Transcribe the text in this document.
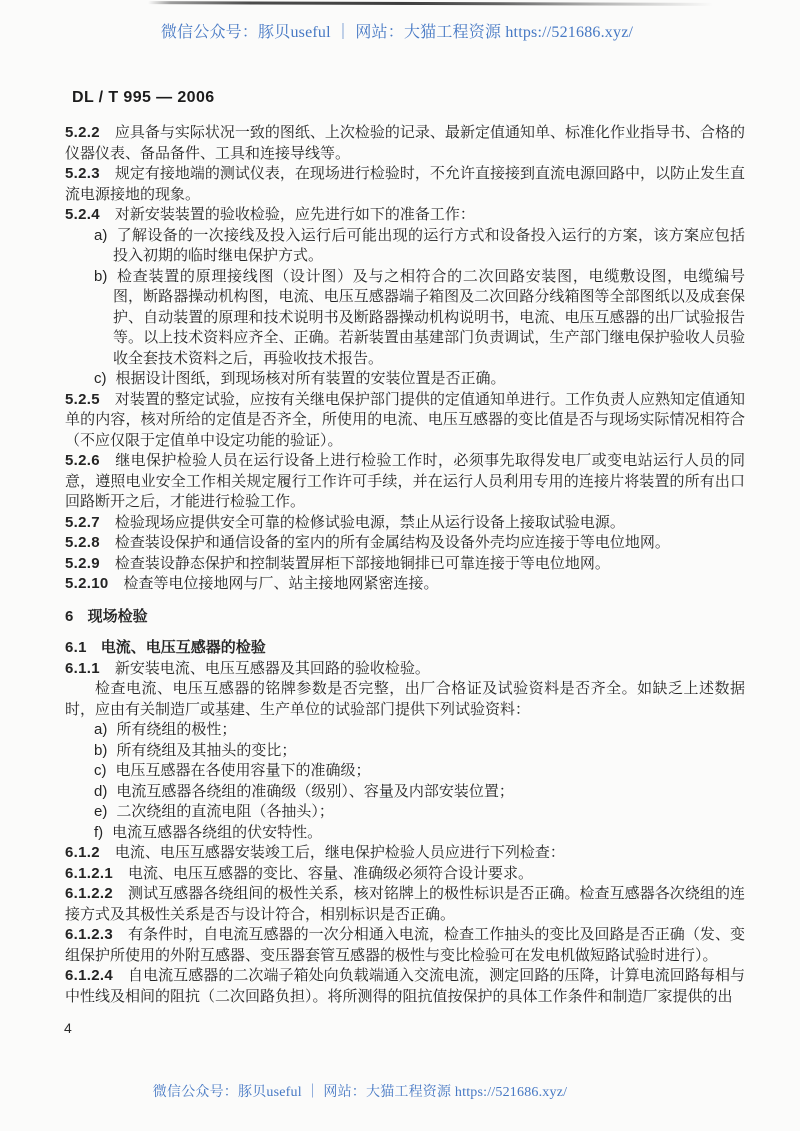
微信公众号：豚贝useful ｜ 网站：大猫工程资源 https://521686.xyz/
DL / T 995 — 2006

5.2.2 应具备与实际状况一致的图纸、上次检验的记录、最新定值通知单、标准化作业指导书、合格的仪器仪表、备品备件、工具和连接导线等。

5.2.3 规定有接地端的测试仪表，在现场进行检验时，不允许直接接到直流电源回路中，以防止发生直流电源接地的现象。

5.2.4 对新安装装置的验收检验，应先进行如下的准备工作：

a) 了解设备的一次接线及投入运行后可能出现的运行方式和设备投入运行的方案，该方案应包括投入初期的临时继电保护方式。

b) 检查装置的原理接线图（设计图）及与之相符合的二次回路安装图，电缆敷设图，电缆编号图，断路器操动机构图，电流、电压互感器端子箱图及二次回路分线箱图等全部图纸以及成套保护、自动装置的原理和技术说明书及断路器操动机构说明书，电流、电压互感器的出厂试验报告等。以上技术资料应齐全、正确。若新装置由基建部门负责调试，生产部门继电保护验收人员验收全套技术资料之后，再验收技术报告。

c) 根据设计图纸，到现场核对所有装置的安装位置是否正确。

5.2.5 对装置的整定试验，应按有关继电保护部门提供的定值通知单进行。工作负责人应熟知定值通知单的内容，核对所给的定值是否齐全，所使用的电流、电压互感器的变比值是否与现场实际情况相符合（不应仅限于定值单中设定功能的验证）。

5.2.6 继电保护检验人员在运行设备上进行检验工作时，必须事先取得发电厂或变电站运行人员的同意，遵照电业安全工作相关规定履行工作许可手续，并在运行人员利用专用的连接片将装置的所有出口回路断开之后，才能进行检验工作。

5.2.7 检验现场应提供安全可靠的检修试验电源，禁止从运行设备上接取试验电源。

5.2.8 检查装设保护和通信设备的室内的所有金属结构及设备外壳均应连接于等电位地网。

5.2.9 检查装设静态保护和控制装置屏柜下部接地铜排已可靠连接于等电位地网。

5.2.10 检查等电位接地网与厂、站主接地网紧密连接。

6 现场检验

6.1 电流、电压互感器的检验

6.1.1 新安装电流、电压互感器及其回路的验收检验。

检查电流、电压互感器的铭牌参数是否完整，出厂合格证及试验资料是否齐全。如缺乏上述数据时，应由有关制造厂或基建、生产单位的试验部门提供下列试验资料：

a) 所有绕组的极性；

b) 所有绕组及其抽头的变比；

c) 电压互感器在各使用容量下的准确级；

d) 电流互感器各绕组的准确级（级别）、容量及内部安装位置；

e) 二次绕组的直流电阻（各抽头）；

f) 电流互感器各绕组的伏安特性。

6.1.2 电流、电压互感器安装竣工后，继电保护检验人员应进行下列检查：

6.1.2.1 电流、电压互感器的变比、容量、准确级必须符合设计要求。

6.1.2.2 测试互感器各绕组间的极性关系，核对铭牌上的极性标识是否正确。检查互感器各次绕组的连接方式及其极性关系是否与设计符合，相别标识是否正确。

6.1.2.3 有条件时，自电流互感器的一次分相通入电流，检查工作抽头的变比及回路是否正确（发、变组保护所使用的外附互感器、变压器套管互感器的极性与变比检验可在发电机做短路试验时进行）。

6.1.2.4 自电流互感器的二次端子箱处向负载端通入交流电流，测定回路的压降，计算电流回路每相与中性线及相间的阻抗（二次回路负担）。将所测得的阻抗值按保护的具体工作条件和制造厂家提供的出

4
微信公众号：豚贝useful ｜ 网站：大猫工程资源 https://521686.xyz/
